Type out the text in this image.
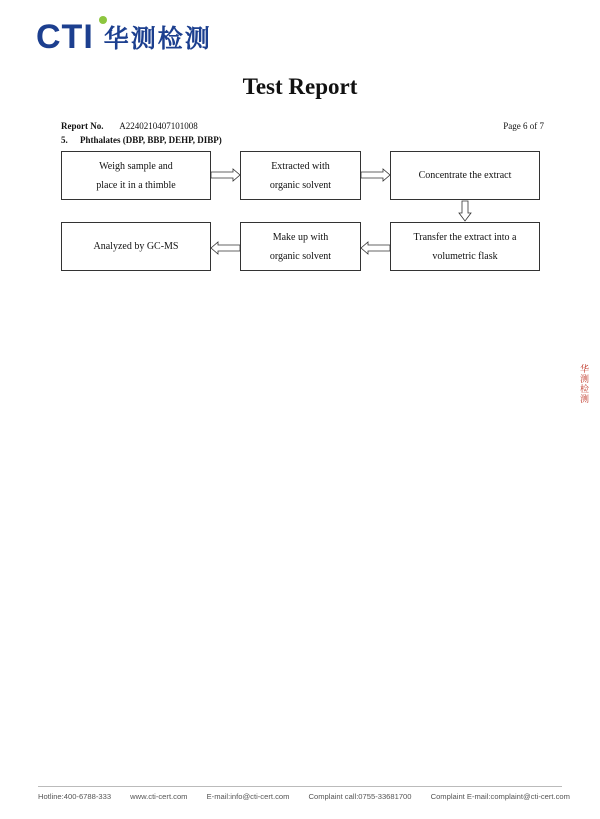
CTI 华测检测
Test Report
Report No. A2240210407101008	Page 6 of 7
5. Phthalates (DBP, BBP, DEHP, DIBP)
Weigh sample and
place it in a thimble
Extracted with
organic solvent
Concentrate the extract
Transfer the extract into a
volumetric flask
Make up with
organic solvent
Analyzed by GC-MS
华测检测
Hotline:400-6788-333	www.cti-cert.com	E-mail:info@cti-cert.com	Complaint call:0755-33681700	Complaint E-mail:complaint@cti-cert.com
